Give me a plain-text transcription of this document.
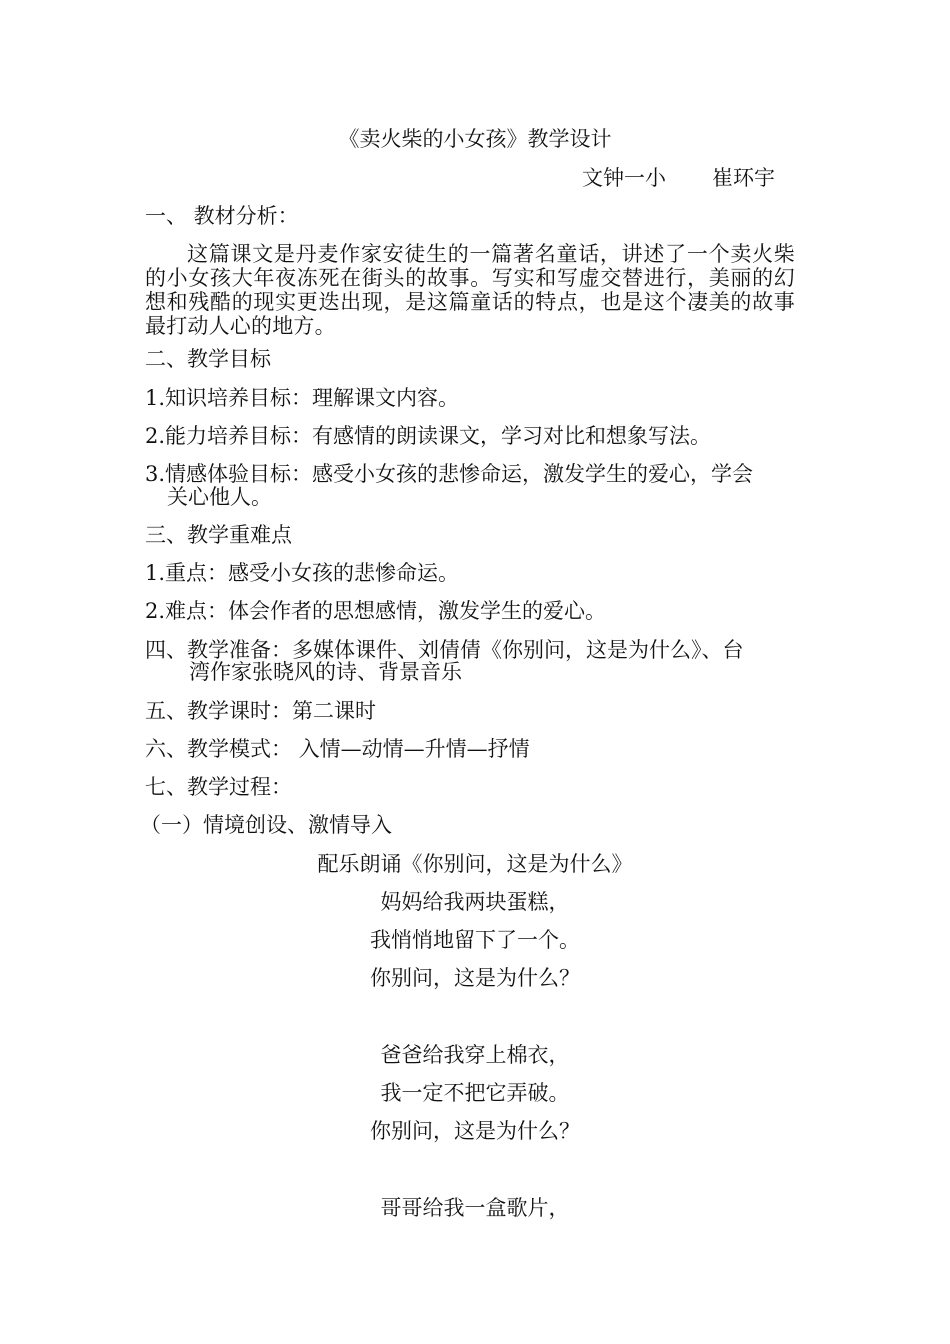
《卖火柴的小女孩》教学设计
文钟一小 崔环宇
一、 教材分析：
这篇课文是丹麦作家安徒生的一篇著名童话，讲述了一个卖火柴的小女孩大年夜冻死在街头的故事。写实和写虚交替进行，美丽的幻想和残酷的现实更迭出现，是这篇童话的特点，也是这个凄美的故事最打动人心的地方。
二、教学目标
1.知识培养目标：理解课文内容。
2.能力培养目标：有感情的朗读课文，学习对比和想象写法。
3.情感体验目标：感受小女孩的悲惨命运，激发学生的爱心，学会
关心他人。
三、教学重难点
1.重点：感受小女孩的悲惨命运。
2.难点：体会作者的思想感情，激发学生的爱心。
四、教学准备：多媒体课件、刘倩倩《你别问，这是为什么》、台
湾作家张晓风的诗、背景音乐
五、教学课时：第二课时
六、教学模式： 入情—动情—升情—抒情
七、教学过程：
（一）情境创设、激情导入
配乐朗诵《你别问，这是为什么》
妈妈给我两块蛋糕，
我悄悄地留下了一个。
你别问，这是为什么？
爸爸给我穿上棉衣，
我一定不把它弄破。
你别问，这是为什么？
哥哥给我一盒歌片，
